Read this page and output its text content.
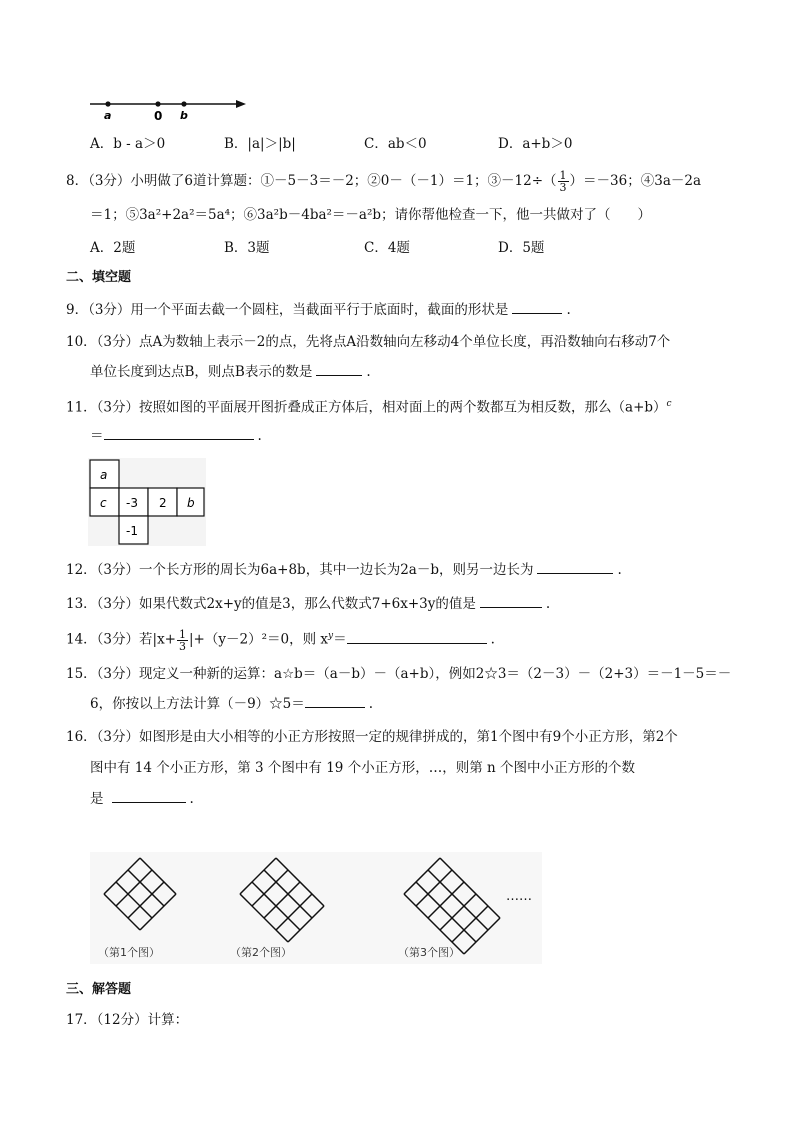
a	0 b
A．b - a＞0	B．|a|＞|b|	C．ab＜0	D．a+b＞0
8．（3分）小明做了6道计算题：①－5－3＝－2；②0－（－1）＝1；③－12÷（ $\frac{1}{3} )=-36$；④3a－2a
＝1；⑤3a²+2a²＝5a⁴；⑥3a²b－4ba²＝－a²b；请你帮他检查一下，他一共做对了（　　）
A．2题	B．3题	C．4题	D．5题
二、填空题
9．（3分）用一个平面去截一个圆柱，当截面平行于底面时，截面的形状是	.
10．（3分）点A为数轴上表示－2的点，先将点A沿数轴向左移动4个单位长度，再沿数轴向右移动7个
单位长度到达点B，则点B表示的数是	.
11．（3分）按照如图的平面展开图折叠成正方体后，相对面上的两个数都互为相反数，那么$(a+b)^c$
＝	.
a
c -3 2 b
-1
12．（3分）一个长方形的周长为6a+8b，其中一边长为2a－b，则另一边长为	.
13．（3分）如果代数式2x+y的值是3，那么代数式7+6x+3y的值是	.
14．（3分）若$|x+ \frac{1}{3} |+(y-2)^2=0$，则 $x^y=$	.
15．（3分）现定义一种新的运算：a☆b＝（a－b）－（a+b），例如2☆3＝（2－3）－（2+3）＝－1－5＝－
6，你按以上方法计算（－9）☆5＝	.
16．（3分）如图形是由大小相等的小正方形按照一定的规律拼成的，第1个图中有9个小正方形，第2个
图中有 14 个小正方形，第 3 个图中有 19 个小正方形，…，则第 n 个图中小正方形的个数
是	.
（第1个图）	（第2个图）	（第3个图）
……
三、解答题
17．（12分）计算：
